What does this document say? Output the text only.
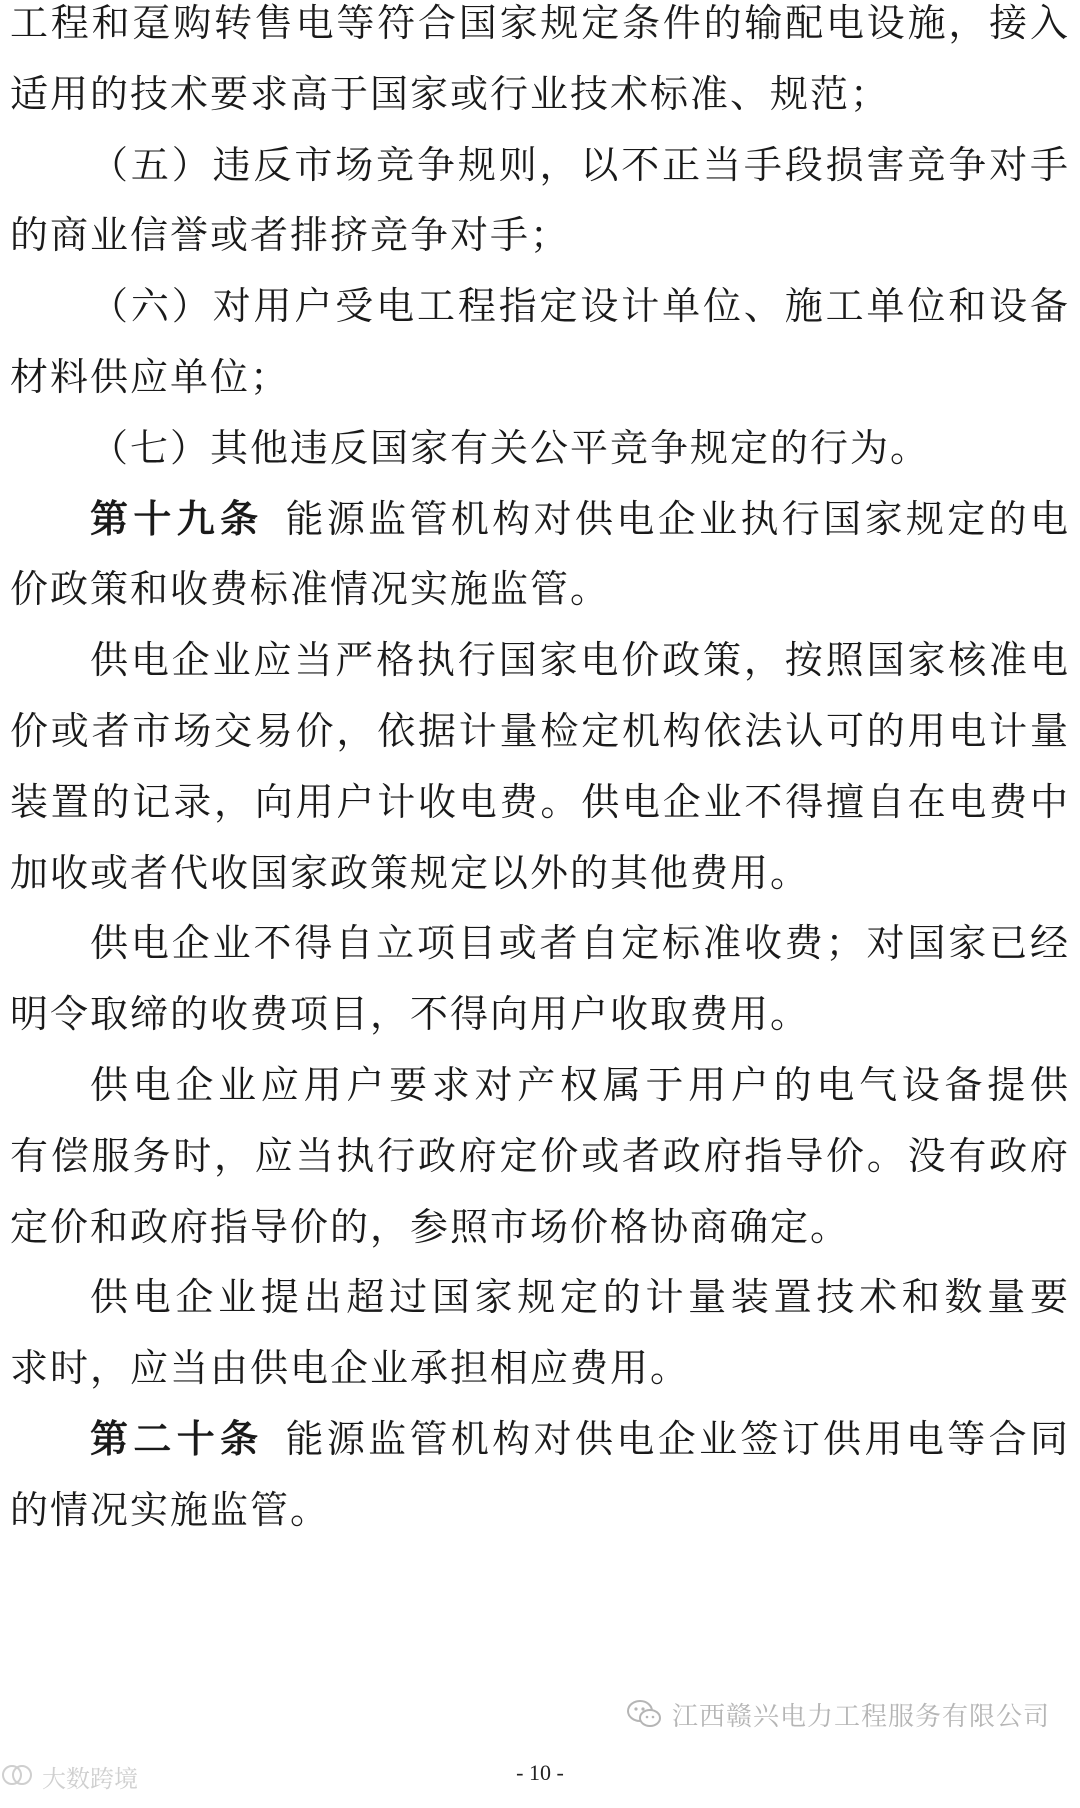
工程和趸购转售电等符合国家规定条件的输配电设施，接入
适用的技术要求高于国家或行业技术标准、规范；
（五）违反市场竞争规则，以不正当手段损害竞争对手
的商业信誉或者排挤竞争对手；
（六）对用户受电工程指定设计单位、施工单位和设备
材料供应单位；
（七）其他违反国家有关公平竞争规定的行为。
第十九条 能源监管机构对供电企业执行国家规定的电
价政策和收费标准情况实施监管。
供电企业应当严格执行国家电价政策，按照国家核准电
价或者市场交易价，依据计量检定机构依法认可的用电计量
装置的记录，向用户计收电费。供电企业不得擅自在电费中
加收或者代收国家政策规定以外的其他费用。
供电企业不得自立项目或者自定标准收费；对国家已经
明令取缔的收费项目，不得向用户收取费用。
供电企业应用户要求对产权属于用户的电气设备提供
有偿服务时，应当执行政府定价或者政府指导价。没有政府
定价和政府指导价的，参照市场价格协商确定。
供电企业提出超过国家规定的计量装置技术和数量要
求时，应当由供电企业承担相应费用。
第二十条 能源监管机构对供电企业签订供用电等合同
的情况实施监管。
江西赣兴电力工程服务有限公司
大数跨境	- 10 -
